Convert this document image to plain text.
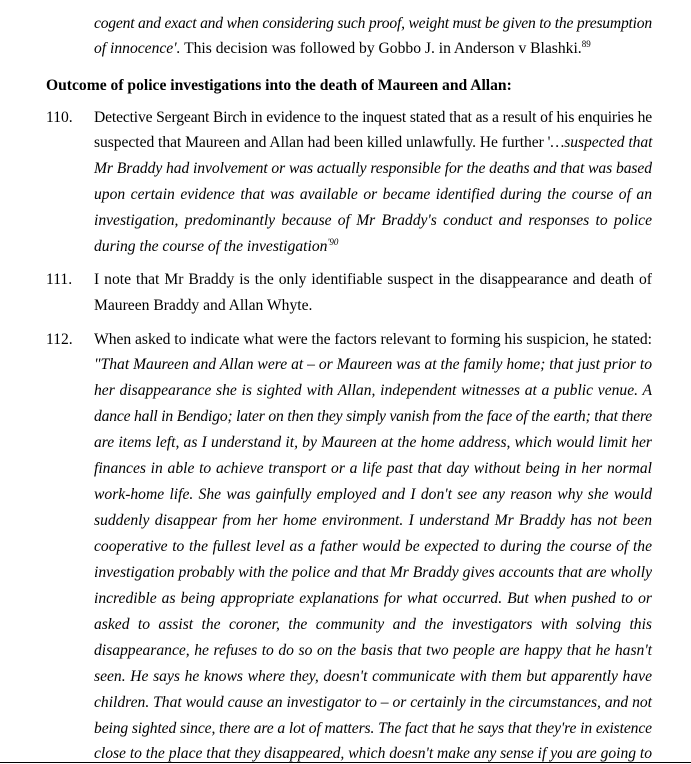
cogent and exact and when considering such proof, weight must be given to the presumption
of innocence'. This decision was followed by Gobbo J. in Anderson v Blashki.$^{89}$
Outcome of police investigations into the death of Maureen and Allan:
110. Detective Sergeant Birch in evidence to the inquest stated that as a result of his enquiries he
suspected that Maureen and Allan had been killed unlawfully. He further '…suspected that
Mr Braddy had involvement or was actually responsible for the deaths and that was based
upon certain evidence that was available or became identified during the course of an
investigation, predominantly because of Mr Braddy's conduct and responses to police
during the course of the investigation$^{'90}$
111. I note that Mr Braddy is the only identifiable suspect in the disappearance and death of
Maureen Braddy and Allan Whyte.
112. When asked to indicate what were the factors relevant to forming his suspicion, he stated:
"That Maureen and Allan were at – or Maureen was at the family home; that just prior to
her disappearance she is sighted with Allan, independent witnesses at a public venue. A
dance hall in Bendigo; later on then they simply vanish from the face of the earth; that there
are items left, as I understand it, by Maureen at the home address, which would limit her
finances in able to achieve transport or a life past that day without being in her normal
work-home life. She was gainfully employed and I don't see any reason why she would
suddenly disappear from her home environment. I understand Mr Braddy has not been
cooperative to the fullest level as a father would be expected to during the course of the
investigation probably with the police and that Mr Braddy gives accounts that are wholly
incredible as being appropriate explanations for what occurred. But when pushed to or
asked to assist the coroner, the community and the investigators with solving this
disappearance, he refuses to do so on the basis that two people are happy that he hasn't
seen. He says he knows where they, doesn't communicate with them but apparently have
children. That would cause an investigator to – or certainly in the circumstances, and not
being sighted since, there are a lot of matters. The fact that he says that they're in existence
close to the place that they disappeared, which doesn't make any sense if you are going to
